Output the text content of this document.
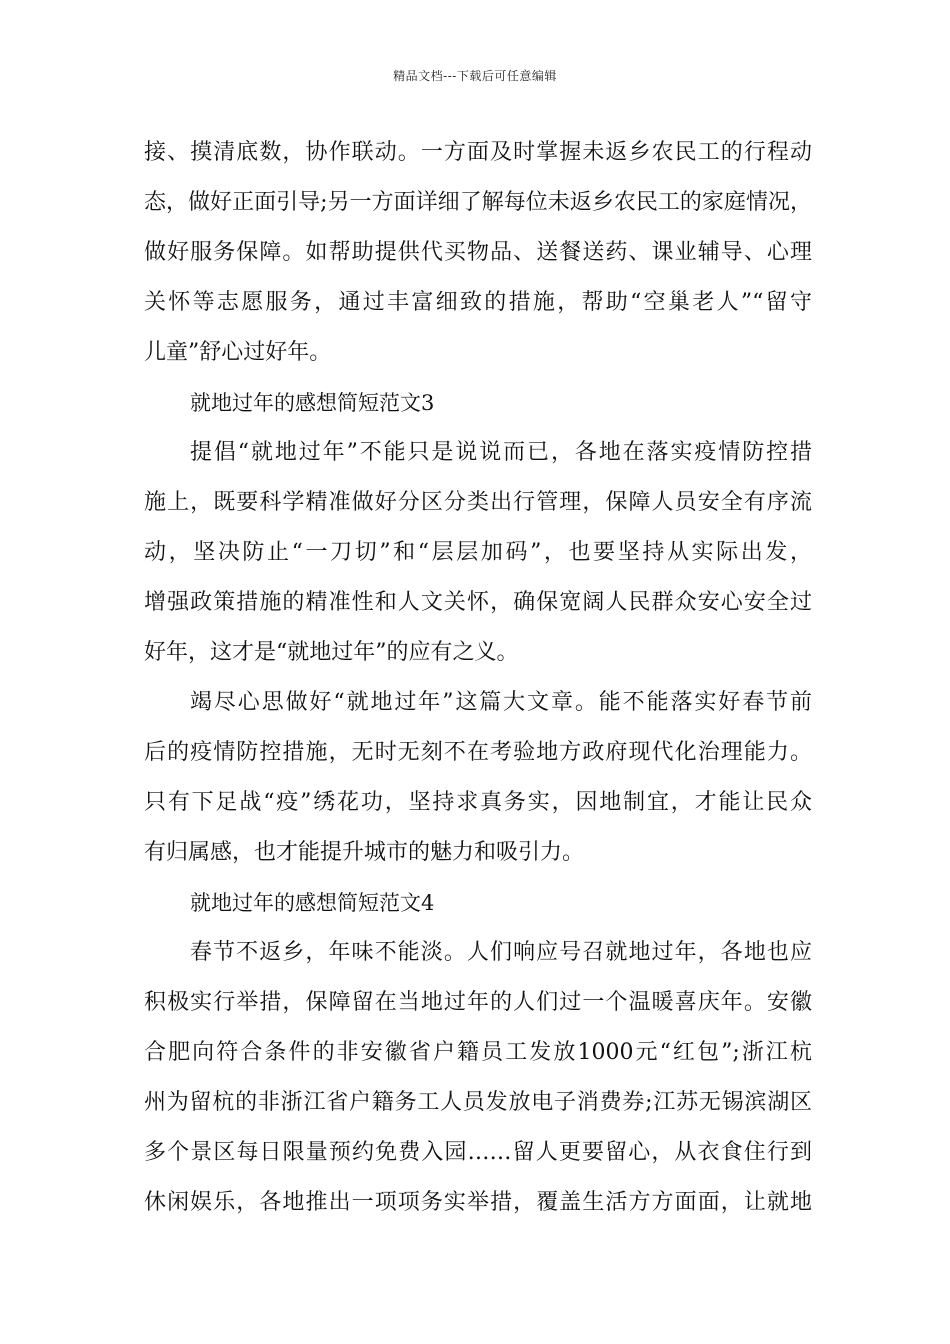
精品文档---下载后可任意编辑
接、摸清底数，协作联动。一方面及时掌握未返乡农民工的行程动
态，做好正面引导;另一方面详细了解每位未返乡农民工的家庭情况，
做好服务保障。如帮助提供代买物品、送餐送药、课业辅导、心理
关怀等志愿服务，通过丰富细致的措施，帮助“空巢老人”“留守
儿童”舒心过好年。
就地过年的感想简短范文3
提倡“就地过年”不能只是说说而已，各地在落实疫情防控措
施上，既要科学精准做好分区分类出行管理，保障人员安全有序流
动，坚决防止“一刀切”和“层层加码”，也要坚持从实际出发，
增强政策措施的精准性和人文关怀，确保宽阔人民群众安心安全过
好年，这才是“就地过年”的应有之义。
竭尽心思做好“就地过年”这篇大文章。能不能落实好春节前
后的疫情防控措施，无时无刻不在考验地方政府现代化治理能力。
只有下足战“疫”绣花功，坚持求真务实，因地制宜，才能让民众
有归属感，也才能提升城市的魅力和吸引力。
就地过年的感想简短范文4
春节不返乡，年味不能淡。人们响应号召就地过年，各地也应
积极实行举措，保障留在当地过年的人们过一个温暖喜庆年。安徽
合肥向符合条件的非安徽省户籍员工发放1000元“红包”;浙江杭
州为留杭的非浙江省户籍务工人员发放电子消费券;江苏无锡滨湖区
多个景区每日限量预约免费入园……留人更要留心，从衣食住行到
休闲娱乐，各地推出一项项务实举措，覆盖生活方方面面，让就地
